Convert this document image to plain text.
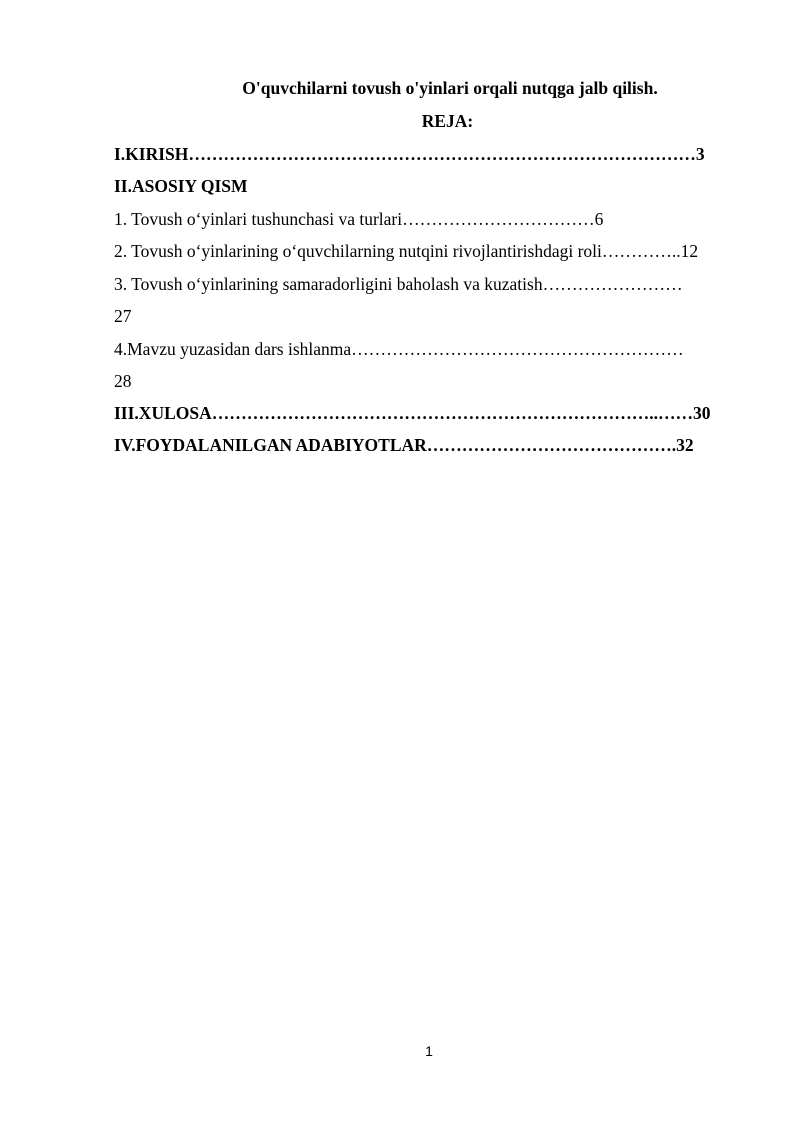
O'quvchilarni tovush o'yinlari orqali nutqga jalb qilish.
REJA:
I.KIRISH……………………………………………………………………………3
II.ASOSIY QISM
1. Tovush o‘yinlari tushunchasi va turlari……………………………6
2. Tovush o‘yinlarining o‘quvchilarning nutqini rivojlantirishdagi roli…………..12
3. Tovush o‘yinlarining samaradorligini baholash va kuzatish……………………
27
4.Mavzu yuzasidan dars ishlanma…………………………………………………
28
III.XULOSA…………………………………………………………………..……30
IV.FOYDALANILGAN ADABIYOTLAR…………………………………….32
1
